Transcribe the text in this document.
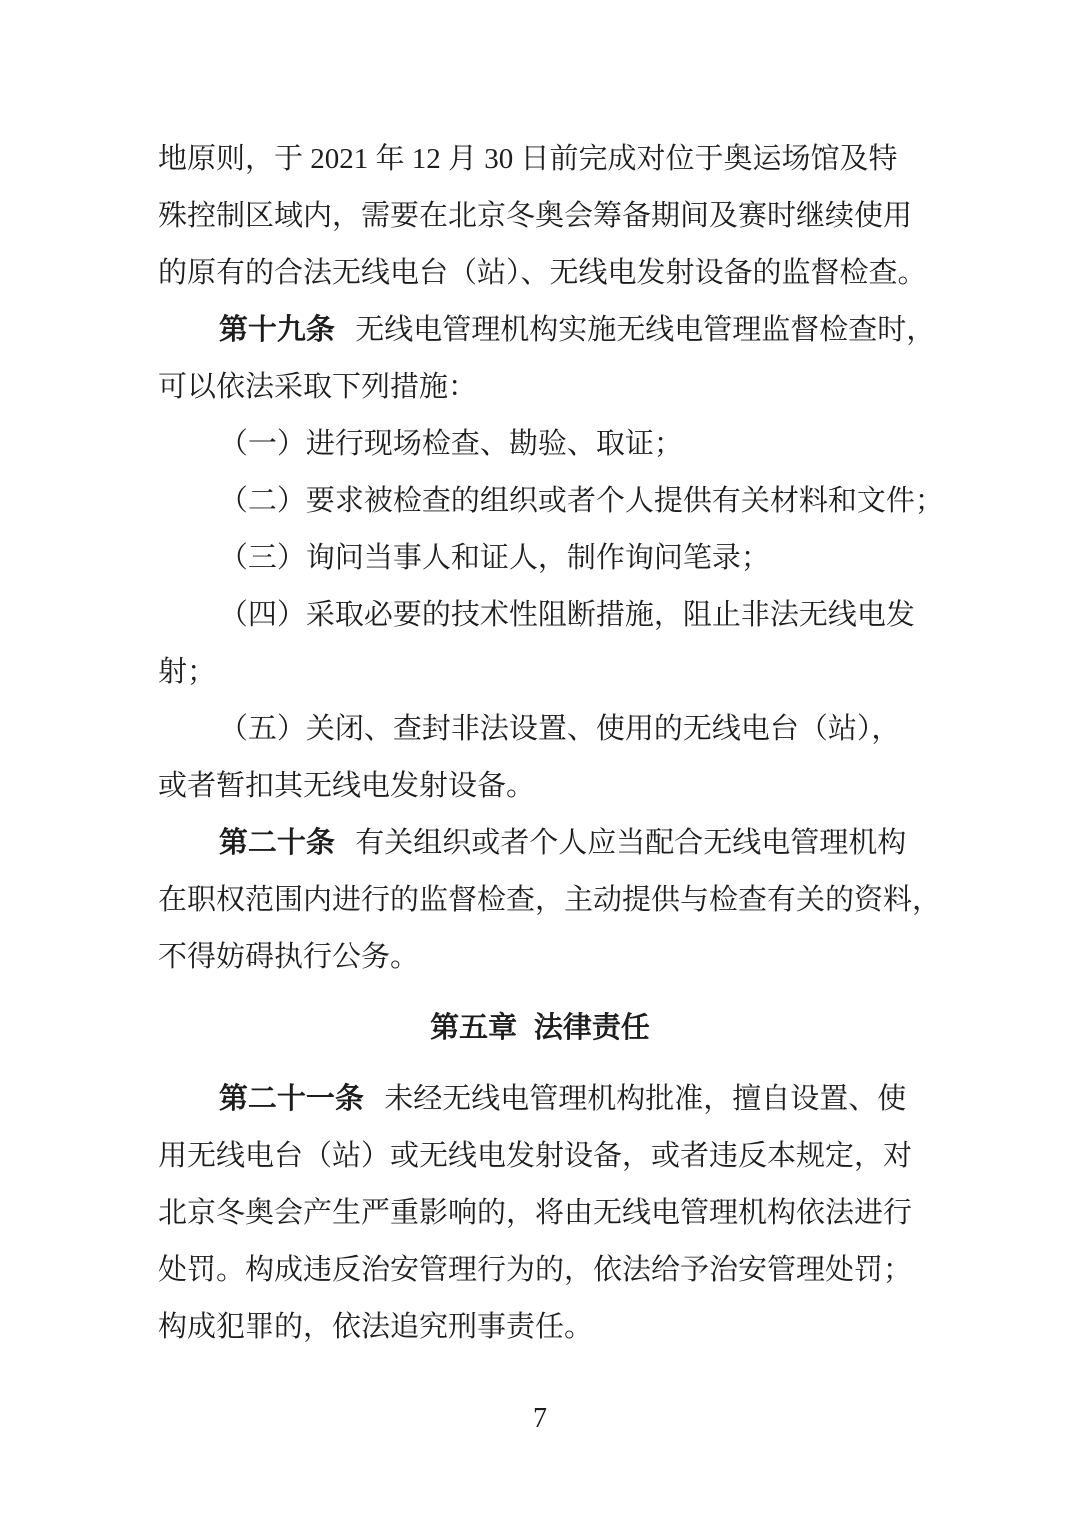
地原则，于 2021 年 12 月 30 日前完成对位于奥运场馆及特
殊控制区域内，需要在北京冬奥会筹备期间及赛时继续使用
的原有的合法无线电台（站）、无线电发射设备的监督检查。
第十九条 无线电管理机构实施无线电管理监督检查时，
可以依法采取下列措施：
（一）进行现场检查、勘验、取证；
（二）要求被检查的组织或者个人提供有关材料和文件；
（三）询问当事人和证人，制作询问笔录；
（四）采取必要的技术性阻断措施，阻止非法无线电发
射；
（五）关闭、查封非法设置、使用的无线电台（站），
或者暂扣其无线电发射设备。
第二十条 有关组织或者个人应当配合无线电管理机构
在职权范围内进行的监督检查，主动提供与检查有关的资料，
不得妨碍执行公务。
第五章 法律责任
第二十一条 未经无线电管理机构批准，擅自设置、使
用无线电台（站）或无线电发射设备，或者违反本规定，对
北京冬奥会产生严重影响的，将由无线电管理机构依法进行
处罚。构成违反治安管理行为的，依法给予治安管理处罚；
构成犯罪的，依法追究刑事责任。
7
